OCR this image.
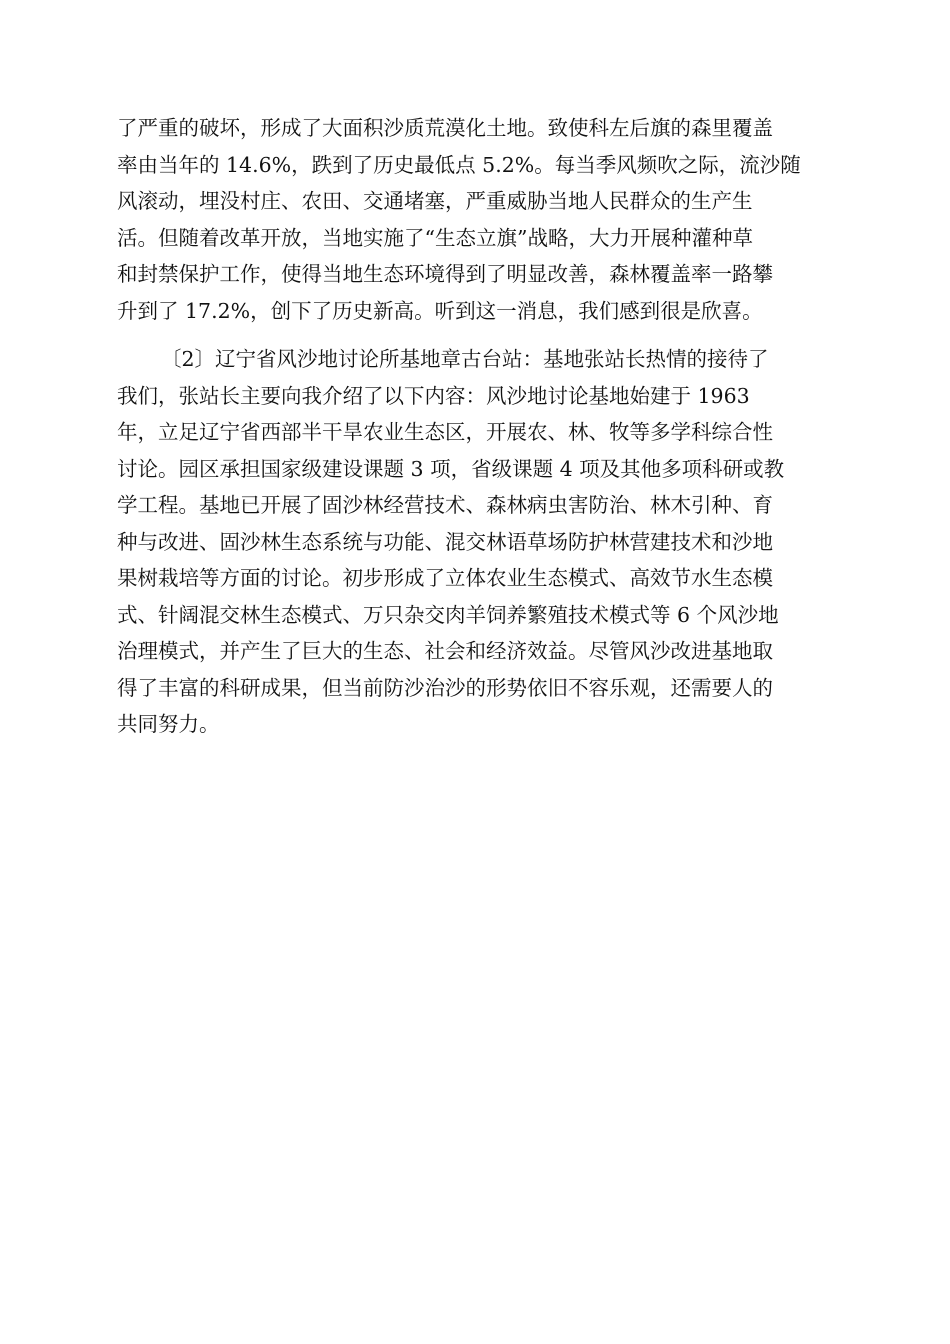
了严重的破坏，形成了大面积沙质荒漠化土地。致使科左后旗的森里覆盖
率由当年的 14.6%，跌到了历史最低点 5.2%。每当季风频吹之际，流沙随
风滚动，埋没村庄、农田、交通堵塞，严重威胁当地人民群众的生产生
活。但随着改革开放，当地实施了“生态立旗”战略，大力开展种灌种草
和封禁保护工作，使得当地生态环境得到了明显改善，森林覆盖率一路攀
升到了 17.2%，创下了历史新高。听到这一消息，我们感到很是欣喜。

〔2〕辽宁省风沙地讨论所基地章古台站：基地张站长热情的接待了
我们，张站长主要向我介绍了以下内容：风沙地讨论基地始建于 1963
年，立足辽宁省西部半干旱农业生态区，开展农、林、牧等多学科综合性
讨论。园区承担国家级建设课题 3 项，省级课题 4 项及其他多项科研或教
学工程。基地已开展了固沙林经营技术、森林病虫害防治、林木引种、育
种与改进、固沙林生态系统与功能、混交林语草场防护林营建技术和沙地
果树栽培等方面的讨论。初步形成了立体农业生态模式、高效节水生态模
式、针阔混交林生态模式、万只杂交肉羊饲养繁殖技术模式等 6 个风沙地
治理模式，并产生了巨大的生态、社会和经济效益。尽管风沙改进基地取
得了丰富的科研成果，但当前防沙治沙的形势依旧不容乐观，还需要人的
共同努力。
